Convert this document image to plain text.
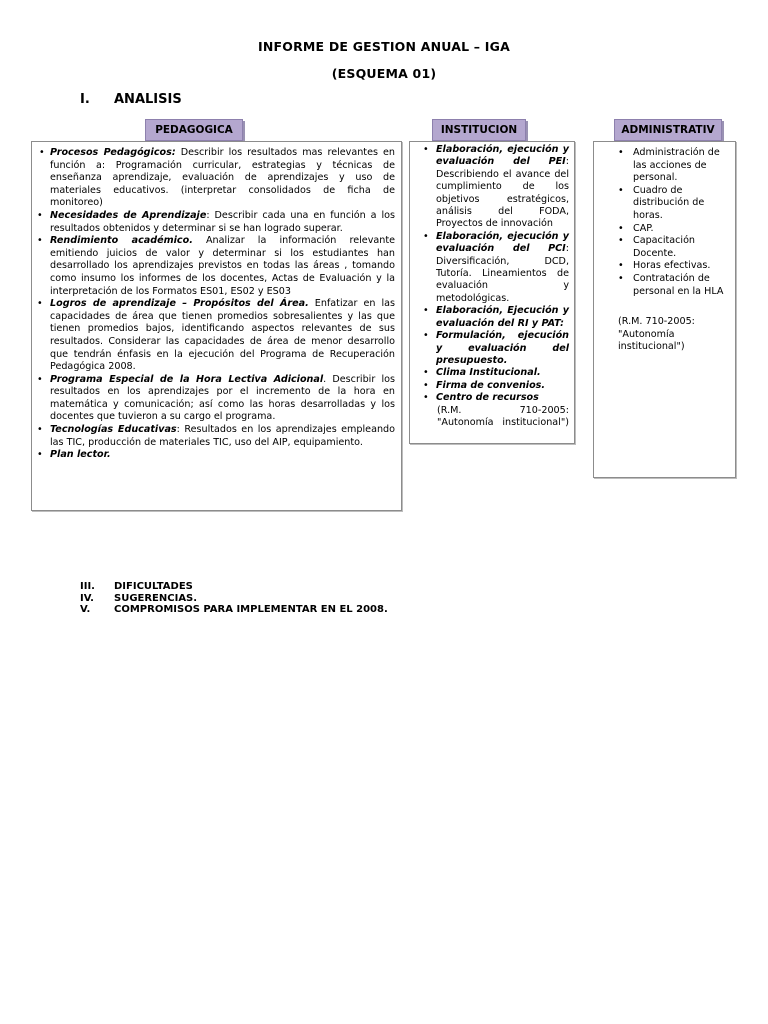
INFORME DE GESTION ANUAL – IGA
(ESQUEMA 01)
I. ANALISIS
PEDAGOGICA	INSTITUCION	ADMINISTRATIV
• Procesos Pedagógicos: Describir los resultados mas relevantes en función a: Programación curricular, estrategias y técnicas de enseñanza aprendizaje, evaluación de aprendizajes y uso de materiales educativos. (interpretar consolidados de ficha de monitoreo)
• Necesidades de Aprendizaje: Describir cada una en función a los resultados obtenidos y determinar si se han logrado superar.
• Rendimiento académico. Analizar la información relevante emitiendo juicios de valor y determinar si los estudiantes han desarrollado los aprendizajes previstos en todas las áreas , tomando como insumo los informes de los docentes, Actas de Evaluación y la interpretación de los Formatos ES01, ES02 y ES03
• Logros de aprendizaje – Propósitos del Área. Enfatizar en las capacidades de área que tienen promedios sobresalientes y las que tienen promedios bajos, identificando aspectos relevantes de sus resultados. Considerar las capacidades de área de menor desarrollo que tendrán énfasis en la ejecución del Programa de Recuperación Pedagógica 2008.
• Programa Especial de la Hora Lectiva Adicional. Describir los resultados en los aprendizajes por el incremento de la hora en matemática y comunicación; así como las horas desarrolladas y los docentes que tuvieron a su cargo el programa.
• Tecnologías Educativas: Resultados en los aprendizajes empleando las TIC, producción de materiales TIC, uso del AIP, equipamiento.
• Plan lector.
• Elaboración, ejecución y evaluación del PEI: Describiendo el avance del cumplimiento de los objetivos estratégicos, análisis del FODA, Proyectos de innovación
• Elaboración, ejecución y evaluación del PCI: Diversificación, DCD, Tutoría. Lineamientos de evaluación y metodológicas.
• Elaboración, Ejecución y evaluación del RI y PAT:
• Formulación, ejecución y evaluación del presupuesto.
• Clima Institucional.
• Firma de convenios.
• Centro de recursos

(R.M. 710-2005: "Autonomía institucional")

• Administración de las acciones de personal.
• Cuadro de distribución de horas.
• CAP.
• Capacitación Docente.
• Horas efectivas.
• Contratación de personal en la HLA
(R.M. 710-2005: "Autonomía institucional")
III.	DIFICULTADES
IV.	SUGERENCIAS.
V.	COMPROMISOS PARA IMPLEMENTAR EN EL 2008.
